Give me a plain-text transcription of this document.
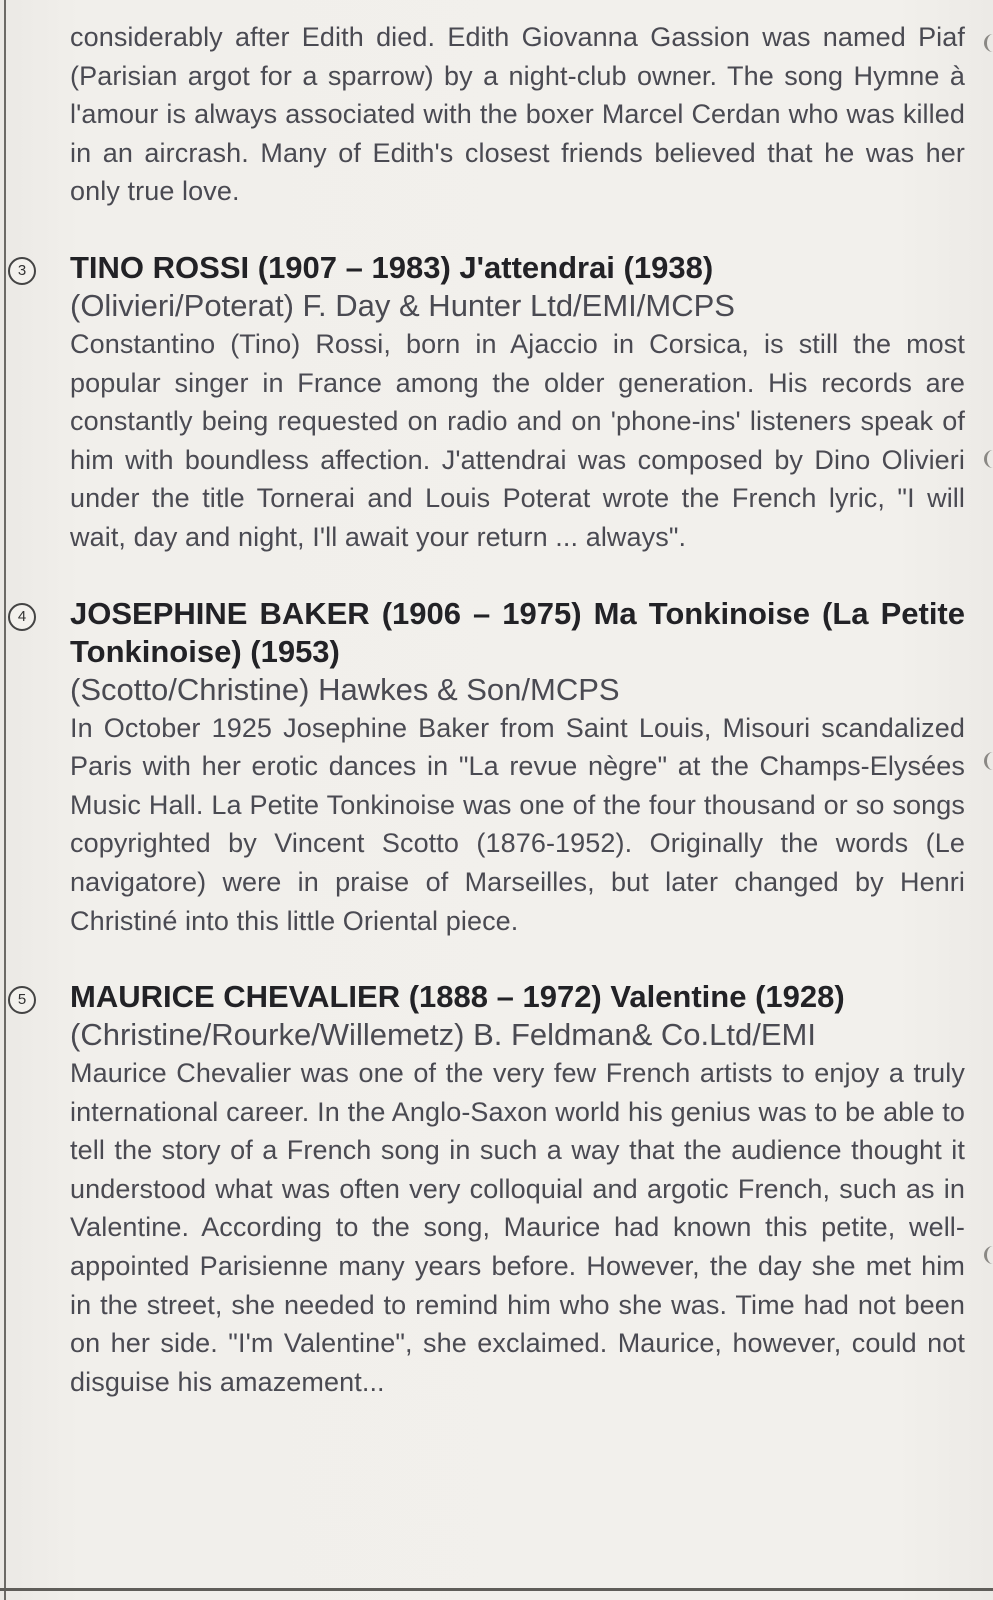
considerably after Edith died. Edith Giovanna Gassion was named Piaf (Parisian argot for a sparrow) by a night-club owner. The song Hymne à l'amour is always associated with the boxer Marcel Cerdan who was killed in an aircrash. Many of Edith's closest friends believed that he was her only true love.

3	TINO ROSSI (1907 – 1983) J'attendrai (1938)

(Olivieri/Poterat) F. Day & Hunter Ltd/EMI/MCPS

Constantino (Tino) Rossi, born in Ajaccio in Corsica, is still the most popular singer in France among the older generation. His records are constantly being requested on radio and on 'phone-ins' listeners speak of him with boundless affection. J'attendrai was composed by Dino Olivieri under the title Tornerai and Louis Poterat wrote the French lyric, "I will wait, day and night, I'll await your return ... always".

4	JOSEPHINE BAKER (1906 – 1975) Ma Tonkinoise (La Petite Tonkinoise) (1953)

(Scotto/Christine) Hawkes & Son/MCPS

In October 1925 Josephine Baker from Saint Louis, Misouri scandalized Paris with her erotic dances in "La revue nègre" at the Champs-Elysées Music Hall. La Petite Tonkinoise was one of the four thousand or so songs copyrighted by Vincent Scotto (1876-1952). Originally the words (Le navigatore) were in praise of Marseilles, but later changed by Henri Christiné into this little Oriental piece.

5	MAURICE CHEVALIER (1888 – 1972) Valentine (1928)

(Christine/Rourke/Willemetz) B. Feldman& Co.Ltd/EMI

Maurice Chevalier was one of the very few French artists to enjoy a truly international career. In the Anglo-Saxon world his genius was to be able to tell the story of a French song in such a way that the audience thought it understood what was often very colloquial and argotic French, such as in Valentine. According to the song, Maurice had known this petite, well-appointed Parisienne many years before. However, the day she met him in the street, she needed to remind him who she was. Time had not been on her side. "I'm Valentine", she exclaimed. Maurice, however, could not disguise his amazement...
